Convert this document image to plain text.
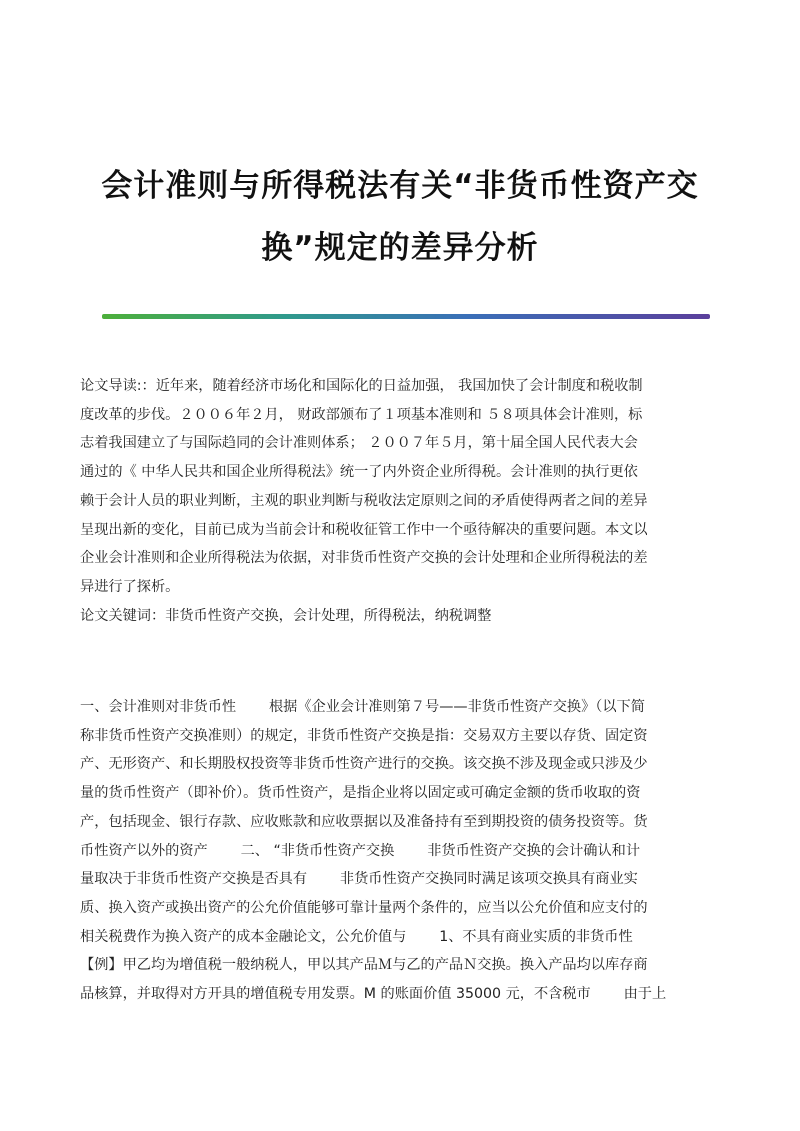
会计准则与所得税法有关“非货币性资产交
换”规定的差异分析
论文导读:：近年来，随着经济市场化和国际化的日益加强， 我国加快了会计制度和税收制
度改革的步伐。２００６年２月， 财政部颁布了１项基本准则和 ５８项具体会计准则，标
志着我国建立了与国际趋同的会计准则体系； ２００７年５月，第十届全国人民代表大会
通过的《 中华人民共和国企业所得税法》统一了内外资企业所得税。会计准则的执行更依
赖于会计人员的职业判断，主观的职业判断与税收法定原则之间的矛盾使得两者之间的差异
呈现出新的变化，目前已成为当前会计和税收征管工作中一个亟待解决的重要问题。本文以
企业会计准则和企业所得税法为依据，对非货币性资产交换的会计处理和企业所得税法的差
异进行了探析。
论文关键词：非货币性资产交换，会计处理，所得税法，纳税调整
一、会计准则对非货币性 　　根据《企业会计准则第７号——非货币性资产交换》（以下简
称非货币性资产交换准则）的规定，非货币性资产交换是指：交易双方主要以存货、固定资
产、无形资产、和长期股权投资等非货币性资产进行的交换。该交换不涉及现金或只涉及少
量的货币性资产（即补价）。货币性资产，是指企业将以固定或可确定金额的货币收取的资
产，包括现金、银行存款、应收账款和应收票据以及准备持有至到期投资的债务投资等。货
币性资产以外的资产 　　二、 “非货币性资产交换 　　非货币性资产交换的会计确认和计
量取决于非货币性资产交换是否具有 　　非货币性资产交换同时满足该项交换具有商业实
质、换入资产或换出资产的公允价值能够可靠计量两个条件的，应当以公允价值和应支付的
相关税费作为换入资产的成本金融论文，公允价值与 　　1、不具有商业实质的非货币性
【例】甲乙均为增值税一般纳税人，甲以其产品Ｍ与乙的产品Ｎ交换。换入产品均以库存商
品核算，并取得对方开具的增值税专用发票。M 的账面价值 35000 元，不含税市 　　由于上
